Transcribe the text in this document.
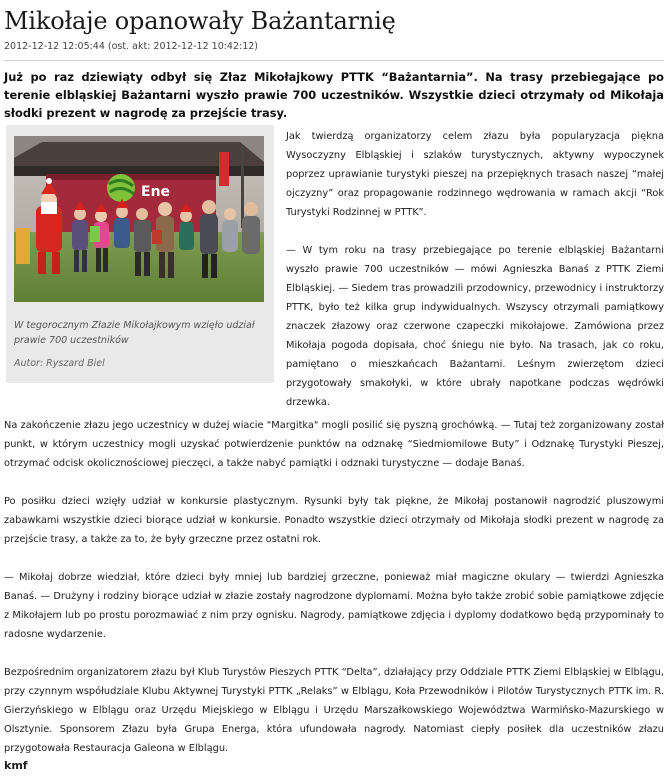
Mikołaje opanowały Bażantarnię
2012-12-12 12:05:44 (ost. akt: 2012-12-12 10:42:12)
Już po raz dziewiąty odbył się Złaz Mikołajkowy PTTK “Bażantarnia”. Na trasy przebiegające po terenie elbląskiej Bażantarni wyszło prawie 700 uczestników. Wszystkie dzieci otrzymały od Mikołaja słodki prezent w nagrodę za przejście trasy.
Ene
W tegorocznym Złazie Mikołajkowym wzięło udział prawie 700 uczestników
Autor: Ryszard Biel

Jak twierdzą organizatorzy celem złazu była popularyzacja piękna Wysoczyzny Elbląskiej i szlaków turystycznych, aktywny wypoczynek poprzez uprawianie turystyki pieszej na przepięknych trasach naszej “małej ojczyzny” oraz propagowanie rodzinnego wędrowania w ramach akcji “Rok Turystyki Rodzinnej w PTTK”.

— W tym roku na trasy przebiegające po terenie elbląskiej Bażantarni wyszło prawie 700 uczestników — mówi Agnieszka Banaś z PTTK Ziemi Elbląskiej. — Siedem tras prowadzili przodownicy, przewodnicy i instruktorzy PTTK, było też kilka grup indywidualnych. Wszyscy otrzymali pamiątkowy znaczek złazowy oraz czerwone czapeczki mikołajowe. Zamówiona przez Mikołaja pogoda dopisała, choć śniegu nie było. Na trasach, jak co roku, pamiętano o mieszkańcach Bażantarni. Leśnym zwierzętom dzieci przygotowały smakołyki, w które ubrały napotkane podczas wędrówki drzewka.

Na zakończenie złazu jego uczestnicy w dużej wiacie "Margitka" mogli posilić się pyszną grochówką. — Tutaj też zorganizowany został punkt, w którym uczestnicy mogli uzyskać potwierdzenie punktów na odznakę “Siedmiomilowe Buty” i Odznakę Turystyki Pieszej, otrzymać odcisk okolicznościowej pieczęci, a także nabyć pamiątki i odznaki turystyczne — dodaje Banaś.

Po posiłku dzieci wzięły udział w konkursie plastycznym. Rysunki były tak piękne, że Mikołaj postanowił nagrodzić pluszowymi zabawkami wszystkie dzieci biorące udział w konkursie. Ponadto wszystkie dzieci otrzymały od Mikołaja słodki prezent w nagrodę za przejście trasy, a także za to, że były grzeczne przez ostatni rok.

— Mikołaj dobrze wiedział, które dzieci były mniej lub bardziej grzeczne, ponieważ miał magiczne okulary — twierdzi Agnieszka Banaś. — Drużyny i rodziny biorące udział w złazie zostały nagrodzone dyplomami. Można było także zrobić sobie pamiątkowe zdjęcie z Mikołajem lub po prostu porozmawiać z nim przy ognisku. Nagrody, pamiątkowe zdjęcia i dyplomy dodatkowo będą przypominały to radosne wydarzenie.

Bezpośrednim organizatorem złazu był Klub Turystów Pieszych PTTK “Delta”, działający przy Oddziale PTTK Ziemi Elbląskiej w Elblągu, przy czynnym współudziale Klubu Aktywnej Turystyki PTTK „Relaks” w Elblągu, Koła Przewodników i Pilotów Turystycznych PTTK im. R. Gierzyńskiego w Elblągu oraz Urzędu Miejskiego w Elblągu i Urzędu Marszałkowskiego Województwa Warmińsko-Mazurskiego w Olsztynie. Sponsorem Złazu była Grupa Energa, która ufundowała nagrody. Natomiast ciepły posiłek dla uczestników złazu przygotowała Restauracja Galeona w Elblągu.

kmf
